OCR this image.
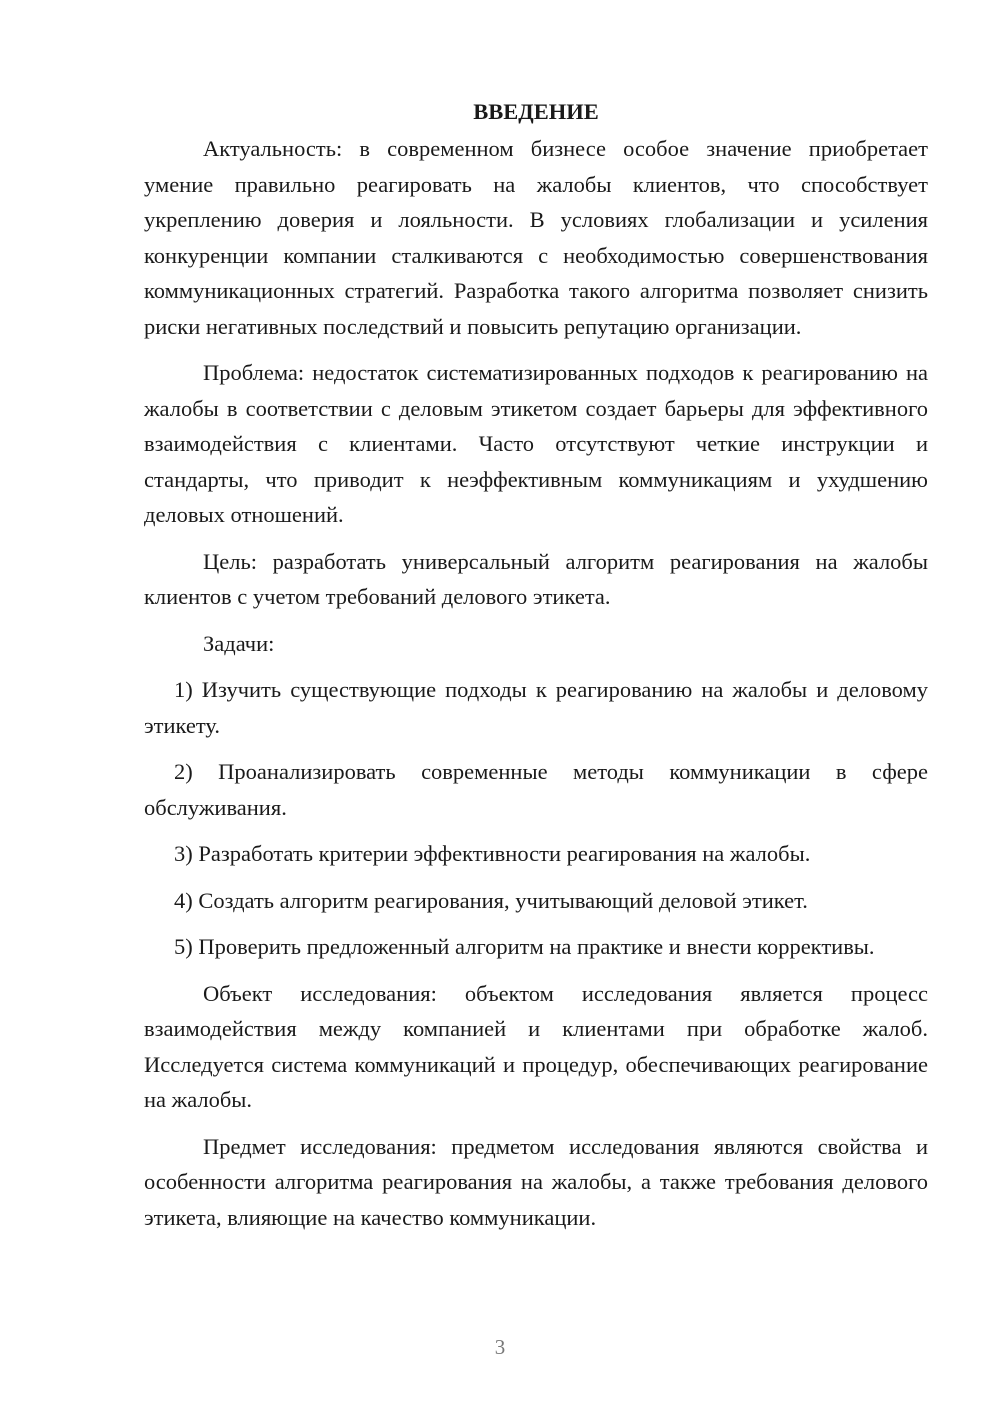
ВВЕДЕНИЕ

Актуальность: в современном бизнесе особое значение приобретает умение правильно реагировать на жалобы клиентов, что способствует укреплению доверия и лояльности. В условиях глобализации и усиления конкуренции компании сталкиваются с необходимостью совершенствования коммуникационных стратегий. Разработка такого алгоритма позволяет снизить риски негативных последствий и повысить репутацию организации.

Проблема: недостаток систематизированных подходов к реагированию на жалобы в соответствии с деловым этикетом создает барьеры для эффективного взаимодействия с клиентами. Часто отсутствуют четкие инструкции и стандарты, что приводит к неэффективным коммуникациям и ухудшению деловых отношений.

Цель: разработать универсальный алгоритм реагирования на жалобы клиентов с учетом требований делового этикета.

Задачи:

1) Изучить существующие подходы к реагированию на жалобы и деловому этикету.

2) Проанализировать современные методы коммуникации в сфере обслуживания.

3) Разработать критерии эффективности реагирования на жалобы.

4) Создать алгоритм реагирования, учитывающий деловой этикет.

5) Проверить предложенный алгоритм на практике и внести коррективы.

Объект исследования: объектом исследования является процесс взаимодействия между компанией и клиентами при обработке жалоб. Исследуется система коммуникаций и процедур, обеспечивающих реагирование на жалобы.

Предмет исследования: предметом исследования являются свойства и особенности алгоритма реагирования на жалобы, а также требования делового этикета, влияющие на качество коммуникации.

3
